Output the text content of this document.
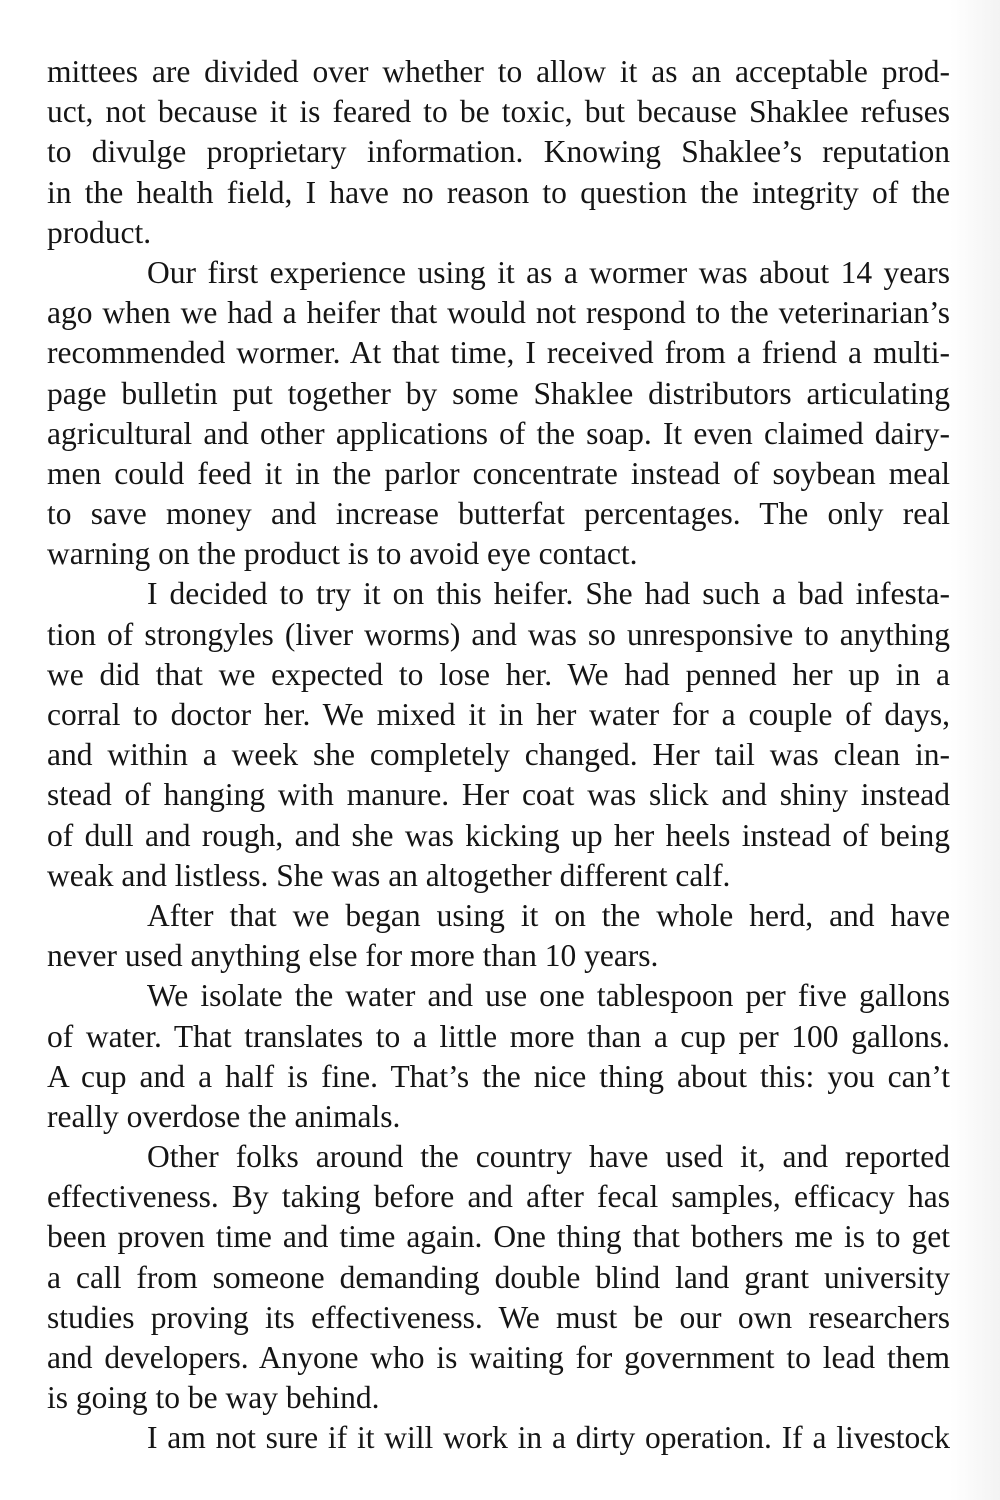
mittees are divided over whether to allow it as an acceptable prod-
uct, not because it is feared to be toxic, but because Shaklee refuses
to divulge proprietary information. Knowing Shaklee’s reputation
in the health field, I have no reason to question the integrity of the
product.
Our first experience using it as a wormer was about 14 years
ago when we had a heifer that would not respond to the veterinarian’s
recommended wormer. At that time, I received from a friend a multi-
page bulletin put together by some Shaklee distributors articulating
agricultural and other applications of the soap. It even claimed dairy-
men could feed it in the parlor concentrate instead of soybean meal
to save money and increase butterfat percentages. The only real
warning on the product is to avoid eye contact.
I decided to try it on this heifer. She had such a bad infesta-
tion of strongyles (liver worms) and was so unresponsive to anything
we did that we expected to lose her. We had penned her up in a
corral to doctor her. We mixed it in her water for a couple of days,
and within a week she completely changed. Her tail was clean in-
stead of hanging with manure. Her coat was slick and shiny instead
of dull and rough, and she was kicking up her heels instead of being
weak and listless. She was an altogether different calf.
After that we began using it on the whole herd, and have
never used anything else for more than 10 years.
We isolate the water and use one tablespoon per five gallons
of water. That translates to a little more than a cup per 100 gallons.
A cup and a half is fine. That’s the nice thing about this: you can’t
really overdose the animals.
Other folks around the country have used it, and reported
effectiveness. By taking before and after fecal samples, efficacy has
been proven time and time again. One thing that bothers me is to get
a call from someone demanding double blind land grant university
studies proving its effectiveness. We must be our own researchers
and developers. Anyone who is waiting for government to lead them
is going to be way behind.
I am not sure if it will work in a dirty operation. If a livestock
